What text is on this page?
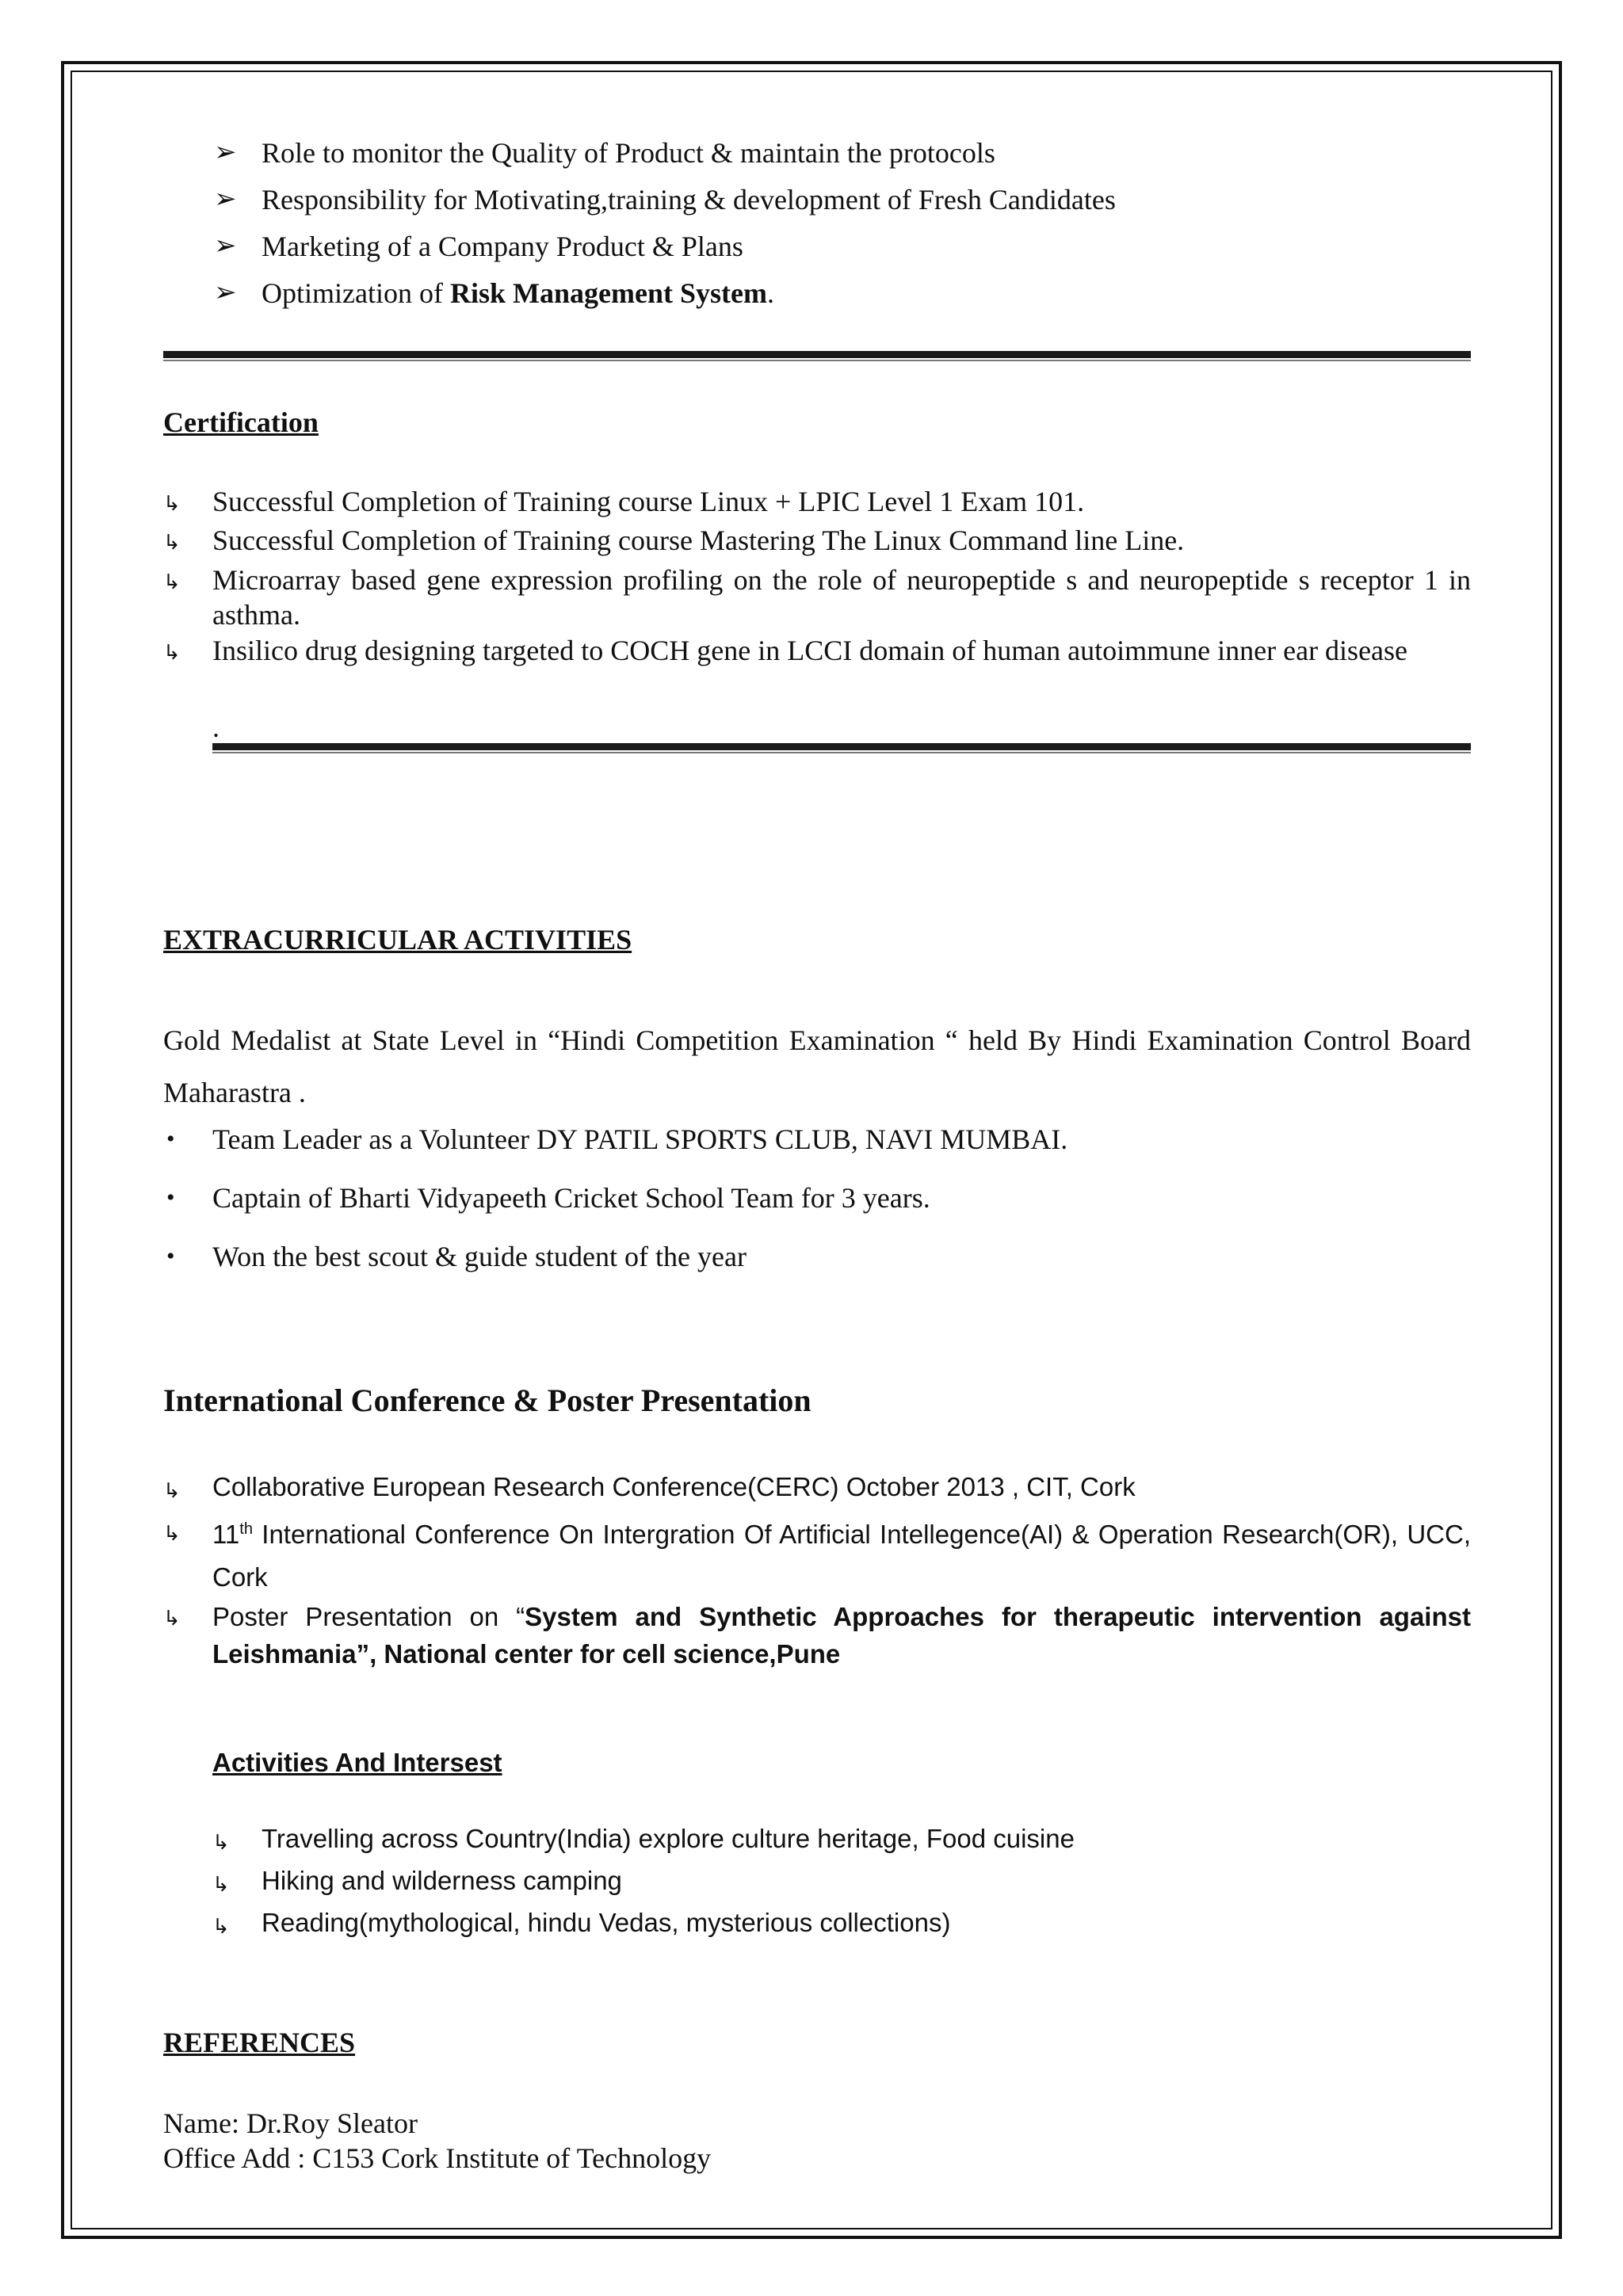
➢ Role to monitor the Quality of Product & maintain the protocols
➢ Responsibility for Motivating,training & development of Fresh Candidates
➢ Marketing of a Company Product & Plans
➢ Optimization of Risk Management System.
Certification
↳ Successful Completion of Training course Linux + LPIC Level 1 Exam 101.
↳ Successful Completion of Training course Mastering The Linux Command line Line.
↳ Microarray based gene expression profiling on the role of neuropeptide s and neuropeptide s receptor 1 in asthma.
↳ Insilico drug designing targeted to COCH gene in LCCI domain of human autoimmune inner ear disease
.
EXTRACURRICULAR ACTIVITIES
Gold Medalist at State Level in “Hindi Competition Examination “ held By Hindi Examination Control Board Maharastra .
• Team Leader as a Volunteer DY PATIL SPORTS CLUB, NAVI MUMBAI.
• Captain of Bharti Vidyapeeth Cricket School Team for 3 years.
• Won the best scout & guide student of the year
International Conference & Poster Presentation
↳ Collaborative European Research Conference(CERC) October 2013 , CIT, Cork
↳ 11th International Conference On Intergration Of Artificial Intellegence(AI) & Operation Research(OR), UCC, Cork
↳ Poster Presentation on “System and Synthetic Approaches for therapeutic intervention against Leishmania”, National center for cell science,Pune
Activities And Intersest
↳ Travelling across Country(India) explore culture heritage, Food cuisine
↳ Hiking and wilderness camping
↳ Reading(mythological, hindu Vedas, mysterious collections)
REFERENCES
Name: Dr.Roy Sleator
Office Add : C153 Cork Institute of Technology
